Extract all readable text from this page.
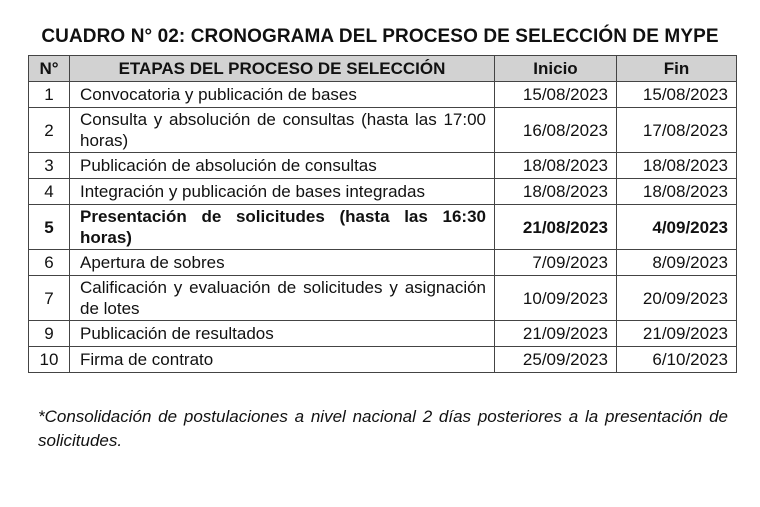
CUADRO N° 02: CRONOGRAMA DEL PROCESO DE SELECCIÓN DE MYPE
N°	ETAPAS DEL PROCESO DE SELECCIÓN	Inicio	Fin
1	Convocatoria y publicación de bases	15/08/2023	15/08/2023
2	Consulta y absolución de consultas (hasta las 17:00 horas)	16/08/2023	17/08/2023
3	Publicación de absolución de consultas	18/08/2023	18/08/2023
4	Integración y publicación de bases integradas	18/08/2023	18/08/2023
5	Presentación de solicitudes (hasta las 16:30 horas)	21/08/2023	4/09/2023
6	Apertura de sobres	7/09/2023	8/09/2023
7	Calificación y evaluación de solicitudes y asignación de lotes	10/09/2023	20/09/2023
9	Publicación de resultados	21/09/2023	21/09/2023
10	Firma de contrato	25/09/2023	6/10/2023
*Consolidación de postulaciones a nivel nacional 2 días posteriores a la presentación de solicitudes.
